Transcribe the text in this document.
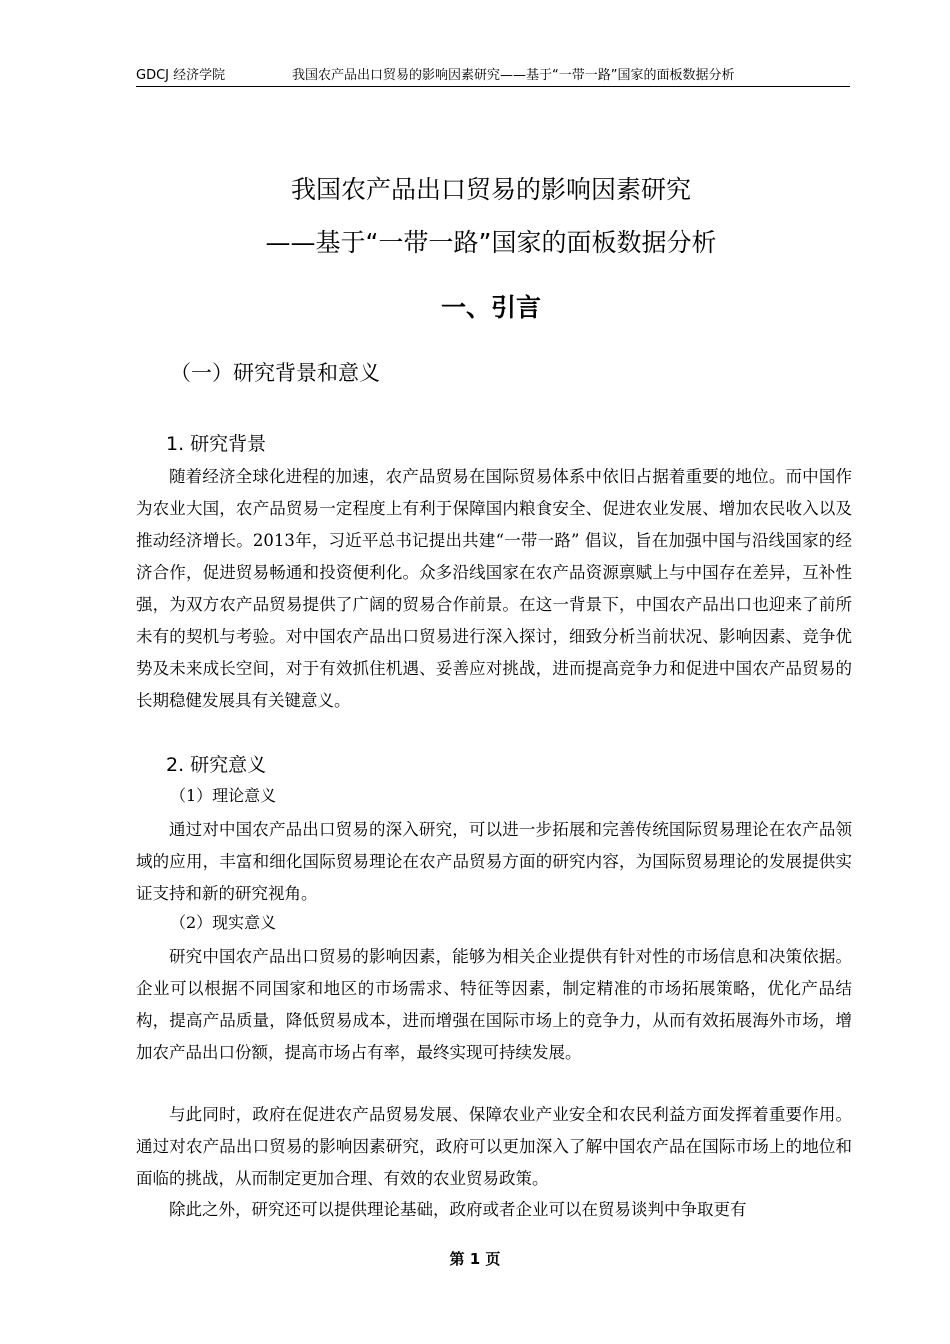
GDCJ 经济学院	我国农产品出口贸易的影响因素研究——基于“一带一路”国家的面板数据分析
我国农产品出口贸易的影响因素研究
——基于“一带一路”国家的面板数据分析
一、引言
（一）研究背景和意义
1. 研究背景

随着经济全球化进程的加速，农产品贸易在国际贸易体系中依旧占据着重要的地位。而中国作为农业大国，农产品贸易一定程度上有利于保障国内粮食安全、促进农业发展、增加农民收入以及推动经济增长。2013年，习近平总书记提出共建“一带一路” 倡议，旨在加强中国与沿线国家的经济合作，促进贸易畅通和投资便利化。众多沿线国家在农产品资源禀赋上与中国存在差异，互补性强，为双方农产品贸易提供了广阔的贸易合作前景。在这一背景下，中国农产品出口也迎来了前所未有的契机与考验。对中国农产品出口贸易进行深入探讨，细致分析当前状况、影响因素、竞争优势及未来成长空间，对于有效抓住机遇、妥善应对挑战，进而提高竞争力和促进中国农产品贸易的长期稳健发展具有关键意义。

2. 研究意义
（1）理论意义

通过对中国农产品出口贸易的深入研究，可以进一步拓展和完善传统国际贸易理论在农产品领域的应用，丰富和细化国际贸易理论在农产品贸易方面的研究内容，为国际贸易理论的发展提供实证支持和新的研究视角。

（2）现实意义

研究中国农产品出口贸易的影响因素，能够为相关企业提供有针对性的市场信息和决策依据。企业可以根据不同国家和地区的市场需求、特征等因素，制定精准的市场拓展策略，优化产品结构，提高产品质量，降低贸易成本，进而增强在国际市场上的竞争力，从而有效拓展海外市场，增加农产品出口份额，提高市场占有率，最终实现可持续发展。

与此同时，政府在促进农产品贸易发展、保障农业产业安全和农民利益方面发挥着重要作用。通过对农产品出口贸易的影响因素研究，政府可以更加深入了解中国农产品在国际市场上的地位和面临的挑战，从而制定更加合理、有效的农业贸易政策。

除此之外，研究还可以提供理论基础，政府或者企业可以在贸易谈判中争取更有

第 1 页
